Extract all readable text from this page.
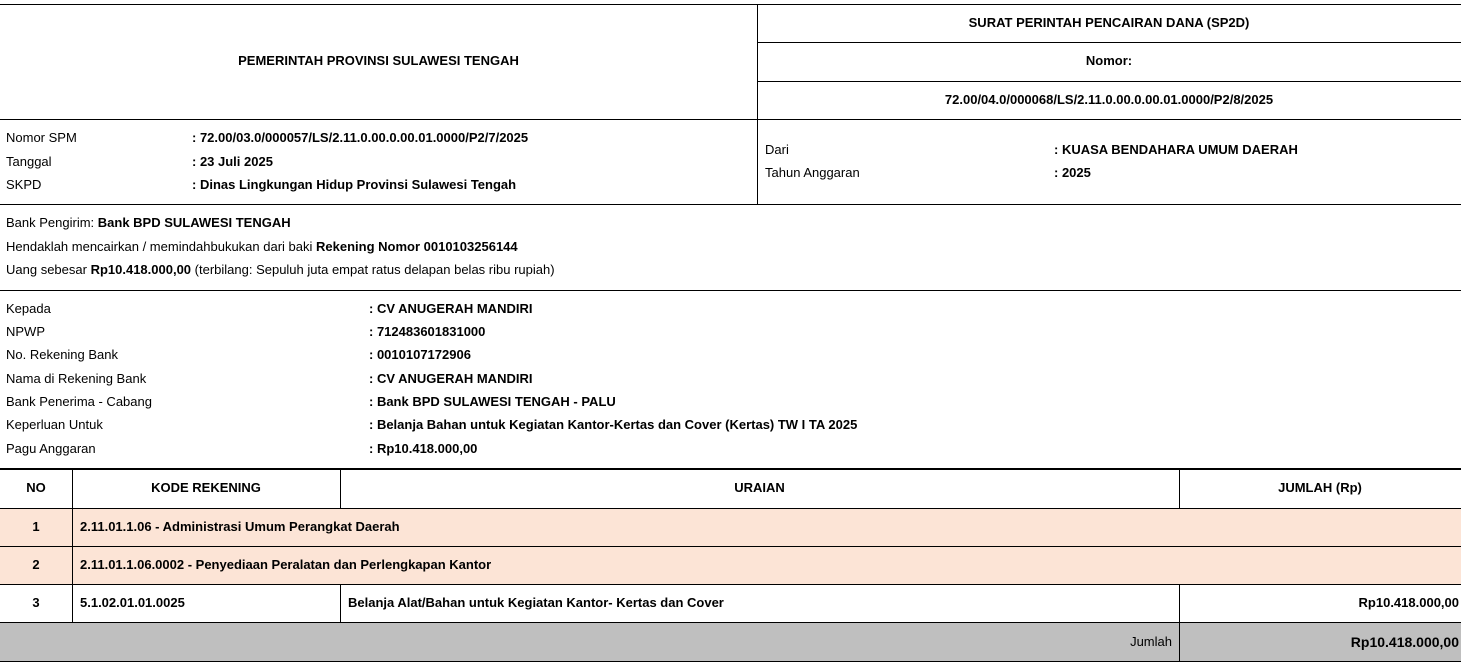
PEMERINTAH PROVINSI SULAWESI TENGAH
SURAT PERINTAH PENCAIRAN DANA (SP2D)
Nomor:
72.00/04.0/000068/LS/2.11.0.00.0.00.01.0000/P2/8/2025
Nomor SPM	: 72.00/03.0/000057/LS/2.11.0.00.0.00.01.0000/P2/7/2025
Tanggal	: 23 Juli 2025
SKPD	: Dinas Lingkungan Hidup Provinsi Sulawesi Tengah
Dari	: KUASA BENDAHARA UMUM DAERAH
Tahun Anggaran	: 2025
Bank Pengirim: Bank BPD SULAWESI TENGAH
Hendaklah mencairkan / memindahbukukan dari baki Rekening Nomor 0010103256144
Uang sebesar Rp10.418.000,00 (terbilang: Sepuluh juta empat ratus delapan belas ribu rupiah)
Kepada	: CV ANUGERAH MANDIRI
NPWP	: 712483601831000
No. Rekening Bank	: 0010107172906
Nama di Rekening Bank	: CV ANUGERAH MANDIRI
Bank Penerima - Cabang	: Bank BPD SULAWESI TENGAH - PALU
Keperluan Untuk	: Belanja Bahan untuk Kegiatan Kantor-Kertas dan Cover (Kertas) TW I TA 2025
Pagu Anggaran	: Rp10.418.000,00
NO	KODE REKENING	URAIAN	JUMLAH (Rp)
1	2.11.01.1.06 - Administrasi Umum Perangkat Daerah
2	2.11.01.1.06.0002 - Penyediaan Peralatan dan Perlengkapan Kantor
3	5.1.02.01.01.0025	Belanja Alat/Bahan untuk Kegiatan Kantor- Kertas dan Cover	Rp10.418.000,00
Jumlah	Rp10.418.000,00
